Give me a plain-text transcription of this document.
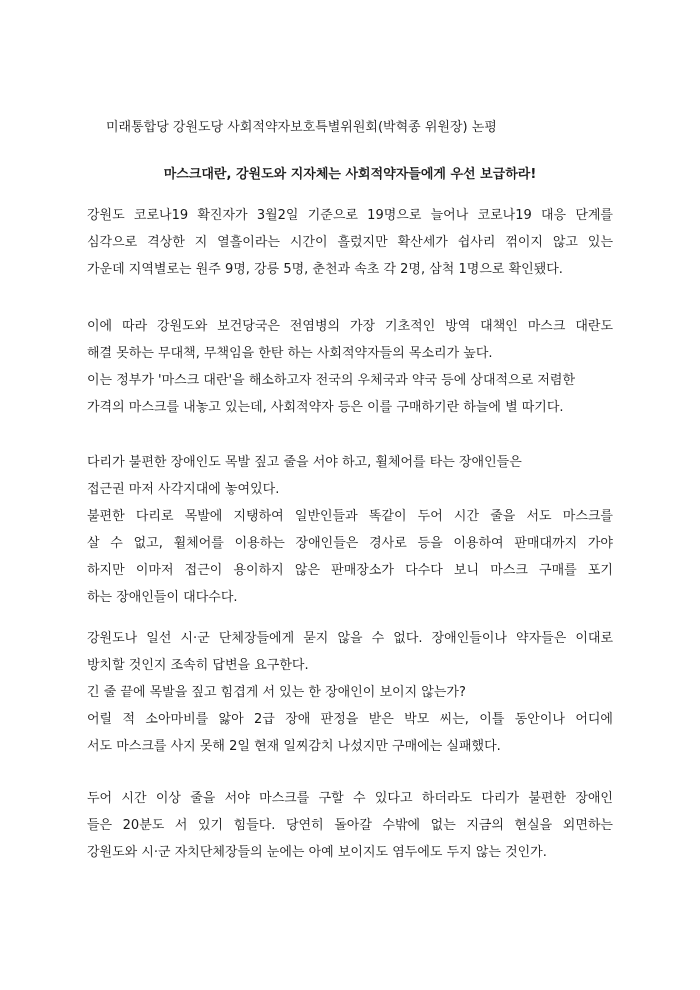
미래통합당 강원도당 사회적약자보호특별위원회(박혁종 위원장) 논평
마스크대란, 강원도와 지자체는 사회적약자들에게 우선 보급하라!
강원도 코로나19 확진자가 3월2일 기준으로 19명으로 늘어나 코로나19 대응 단계를
심각으로 격상한 지 열흘이라는 시간이 흘렀지만 확산세가 쉽사리 꺾이지 않고 있는
가운데 지역별로는 원주 9명, 강릉 5명, 춘천과 속초 각 2명, 삼척 1명으로 확인됐다.
이에 따라 강원도와 보건당국은 전염병의 가장 기초적인 방역 대책인 마스크 대란도
해결 못하는 무대책, 무책임을 한탄 하는 사회적약자들의 목소리가 높다.
이는 정부가 '마스크 대란'을 해소하고자 전국의 우체국과 약국 등에 상대적으로 저렴한
가격의 마스크를 내놓고 있는데, 사회적약자 등은 이를 구매하기란 하늘에 별 따기다.
다리가 불편한 장애인도 목발 짚고 줄을 서야 하고, 휠체어를 타는 장애인들은
접근권 마저 사각지대에 놓여있다.
불편한 다리로 목발에 지탱하여 일반인들과 똑같이 두어 시간 줄을 서도 마스크를
살 수 없고, 휠체어를 이용하는 장애인들은 경사로 등을 이용하여 판매대까지 가야
하지만 이마저 접근이 용이하지 않은 판매장소가 다수다 보니 마스크 구매를 포기
하는 장애인들이 대다수다.
강원도나 일선 시·군 단체장들에게 묻지 않을 수 없다. 장애인들이나 약자들은 이대로
방치할 것인지 조속히 답변을 요구한다.
긴 줄 끝에 목발을 짚고 힘겹게 서 있는 한 장애인이 보이지 않는가?
어릴 적 소아마비를 앓아 2급 장애 판정을 받은 박모 씨는, 이틀 동안이나 어디에
서도 마스크를 사지 못해 2일 현재 일찌감치 나섰지만 구매에는 실패했다.
두어 시간 이상 줄을 서야 마스크를 구할 수 있다고 하더라도 다리가 불편한 장애인
들은 20분도 서 있기 힘들다. 당연히 돌아갈 수밖에 없는 지금의 현실을 외면하는
강원도와 시·군 자치단체장들의 눈에는 아예 보이지도 염두에도 두지 않는 것인가.
